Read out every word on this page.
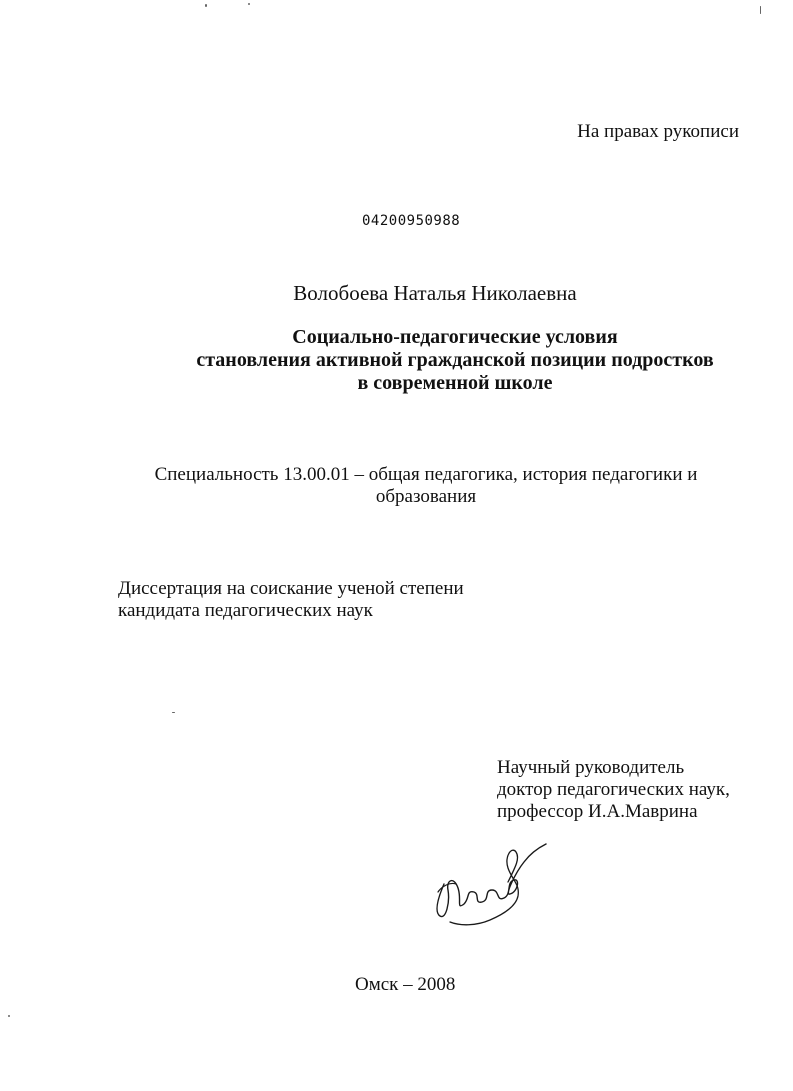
На правах рукописи
04200950988
Волобоева Наталья Николаевна
Социально-педагогические условия
становления активной гражданской позиции подростков
в современной школе
Специальность 13.00.01 – общая педагогика, история педагогики и
образования
Диссертация на соискание ученой степени
кандидата педагогических наук
Научный руководитель
доктор педагогических наук,
профессор И.А.Маврина
Омск – 2008
